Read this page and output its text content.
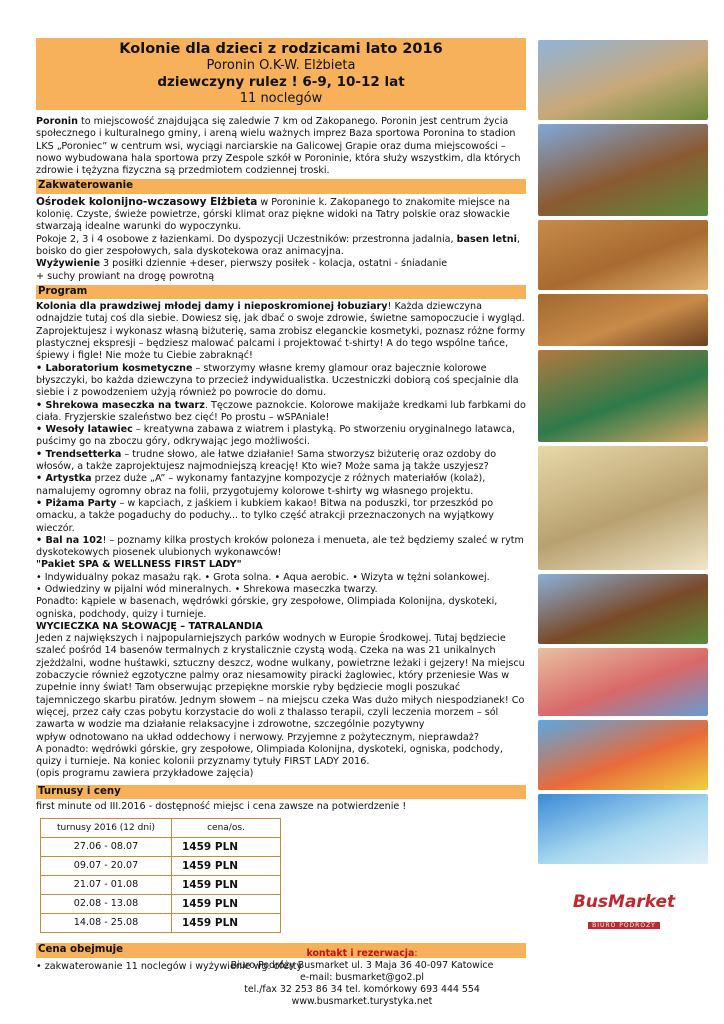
Kolonie dla dzieci z rodzicami lato 2016
Poronin O.K-W. Elżbieta
dziewczyny rulez ! 6-9, 10-12 lat
11 noclegów

Poronin to miejscowość znajdująca się zaledwie 7 km od Zakopanego. Poronin jest centrum życia społecznego i kulturalnego gminy, i areną wielu ważnych imprez Baza sportowa Poronina to stadion LKS „Poroniec” w centrum wsi, wyciągi narciarskie na Galicowej Grapie oraz duma miejscowości – nowo wybudowana hala sportowa przy Zespole szkół w Poroninie, która służy wszystkim, dla których zdrowie i tężyzna fizyczna są przedmiotem codziennej troski.

Zakwaterowanie

Ośrodek kolonijno-wczasowy Elżbieta w Poroninie k. Zakopanego to znakomite miejsce na kolonię. Czyste, świeże powietrze, górski klimat oraz piękne widoki na Tatry polskie oraz słowackie stwarzają idealne warunki do wypoczynku.

Pokoje 2, 3 i 4 osobowe z łazienkami. Do dyspozycji Uczestników: przestronna jadalnia, basen letni, boisko do gier zespołowych, sala dyskotekowa oraz animacyjna.

Wyżywienie 3 posiłki dziennie +deser, pierwszy posiłek - kolacja, ostatni - śniadanie

+ suchy prowiant na drogę powrotną

Program

Kolonia dla prawdziwej młodej damy i nieposkromionej łobuziary! Każda dziewczyna odnajdzie tutaj coś dla siebie. Dowiesz się, jak dbać o swoje zdrowie, świetne samopoczucie i wygląd. Zaprojektujesz i wykonasz własną biżuterię, sama zrobisz eleganckie kosmetyki, poznasz różne formy plastycznej ekspresji – będziesz malować palcami i projektować t-shirty! A do tego wspólne tańce, śpiewy i figle! Nie może tu Ciebie zabraknąć!

• Laboratorium kosmetyczne – stworzymy własne kremy glamour oraz bajecznie kolorowe błyszczyki, bo każda dziewczyna to przecież indywidualistka. Uczestniczki dobiorą coś specjalnie dla siebie i z powodzeniem użyją również po powrocie do domu.

• Shrekowa maseczka na twarz. Tęczowe paznokcie. Kolorowe makijaże kredkami lub farbkami do ciała. Fryzjerskie szaleństwo bez cięć! Po prostu – wSPAniale!

• Wesoły latawiec – kreatywna zabawa z wiatrem i plastyką. Po stworzeniu oryginalnego latawca, puścimy go na zboczu góry, odkrywając jego możliwości.

• Trendsetterka – trudne słowo, ale łatwe działanie! Sama stworzysz biżuterię oraz ozdoby do włosów, a także zaprojektujesz najmodniejszą kreację! Kto wie? Może sama ją także uszyjesz?

• Artystka przez duże „A” – wykonamy fantazyjne kompozycje z różnych materiałów (kolaż), namalujemy ogromny obraz na folii, przygotujemy kolorowe t-shirty wg własnego projektu.

• Piżama Party – w kapciach, z jaśkiem i kubkiem kakao! Bitwa na poduszki, tor przeszkód po omacku, a także pogaduchy do poduchy... to tylko część atrakcji przeznaczonych na wyjątkowy wieczór.

• Bal na 102! – poznamy kilka prostych kroków poloneza i menueta, ale też będziemy szaleć w rytm dyskotekowych piosenek ulubionych wykonawców!

"Pakiet SPA & WELLNESS FIRST LADY"

• Indywidualny pokaz masażu rąk. • Grota solna. • Aqua aerobic. • Wizyta w tężni solankowej.

• Odwiedziny w pijalni wód mineralnych. • Shrekowa maseczka twarzy.

Ponadto: kąpiele w basenach, wędrówki górskie, gry zespołowe, Olimpiada Kolonijna, dyskoteki, ogniska, podchody, quizy i turnieje.

WYCIECZKA NA SŁOWACJĘ – TATRALANDIA

Jeden z największych i najpopularniejszych parków wodnych w Europie Środkowej. Tutaj będziecie szaleć pośród 14 basenów termalnych z krystalicznie czystą wodą. Czeka na was 21 unikalnych zjeżdżalni, wodne huśtawki, sztuczny deszcz, wodne wulkany, powietrzne leżaki i gejzery! Na miejscu zobaczycie również egzotyczne palmy oraz niesamowity piracki żaglowiec, który przeniesie Was w zupełnie inny świat! Tam obserwując przepiękne morskie ryby będziecie mogli poszukać tajemniczego skarbu piratów. Jednym słowem – na miejscu czeka Was dużo miłych niespodzianek! Co więcej, przez cały czas pobytu korzystacie do woli z thalasso terapii, czyli leczenia morzem – sól zawarta w wodzie ma działanie relaksacyjne i zdrowotne, szczególnie pozytywny

wpływ odnotowano na układ oddechowy i nerwowy. Przyjemne z pożytecznym, nieprawdaż?

A ponadto: wędrówki górskie, gry zespołowe, Olimpiada Kolonijna, dyskoteki, ogniska, podchody, quizy i turnieje. Na koniec kolonii przyznamy tytuły FIRST LADY 2016.

(opis programu zawiera przykładowe zajęcia)

Turnusy i ceny

first minute od III.2016 - dostępność miejsc i cena zawsze na potwierdzenie !

turnusy 2016 (12 dni)	cena/os.
27.06 - 08.07	1459 PLN
09.07 - 20.07	1459 PLN
21.07 - 01.08	1459 PLN
02.08 - 13.08	1459 PLN
14.08 - 25.08	1459 PLN
Cena obejmuje

• zakwaterowanie 11 noclegów i wyżywienie wg. oferty

BusMarket
BIURO PODRÓŻY
kontakt i rezerwacja:
Biuro Podróży Busmarket ul. 3 Maja 36 40-097 Katowice
e-mail: busmarket@go2.pl
tel./fax 32 253 86 34 tel. komórkowy 693 444 554
www.busmarket.turystyka.net
